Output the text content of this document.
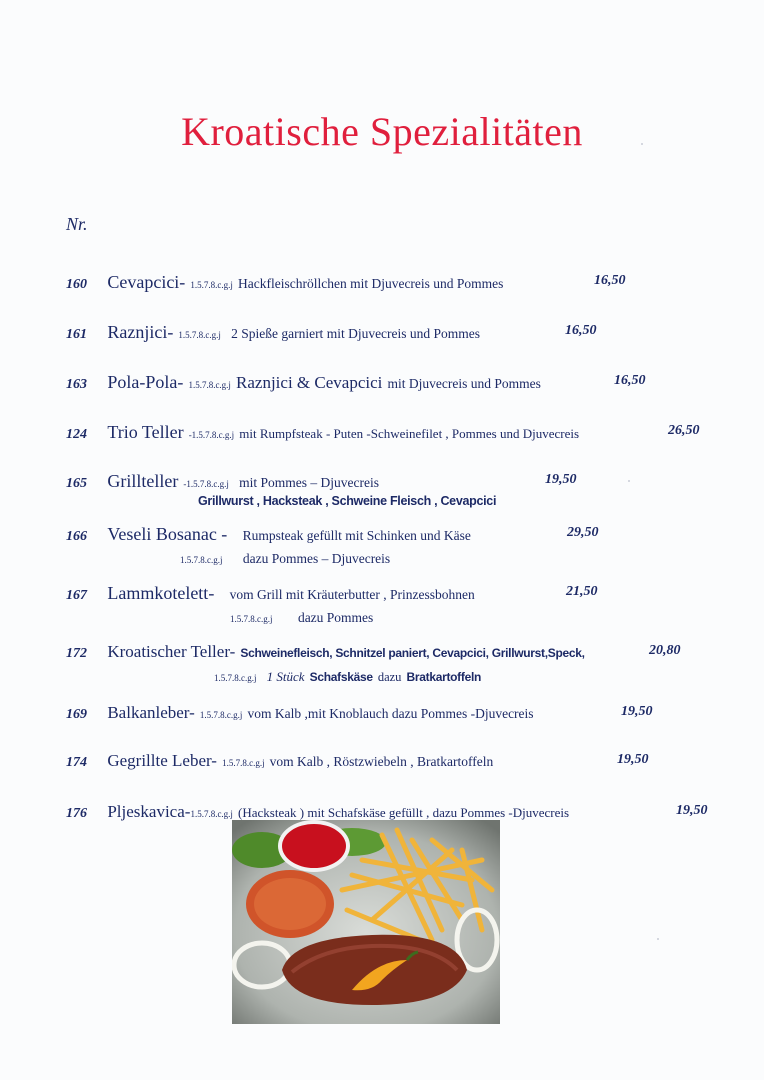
Kroatische Spezialitäten
Nr.
160 Cevapcici- 1.5.7.8.c.g.j Hackfleischröllchen mit Djuvecreis und Pommes	16,50
161 Raznjici- 1.5.7.8.c.g.j 2 Spieße garniert mit Djuvecreis und Pommes	16,50
163 Pola-Pola- 1.5.7.8.c.g.j Raznjici & Cevapcici mit Djuvecreis und Pommes	16,50
124 Trio Teller -1.5.7.8.c.g.j mit Rumpfsteak - Puten -Schweinefilet , Pommes und Djuvecreis	26,50
165 Grillteller -1.5.7.8.c.g.j mit Pommes – Djuvecreis	19,50
Grillwurst , Hacksteak , Schweine Fleisch , Cevapcici
166 Veseli Bosanac - Rumpsteak gefüllt mit Schinken und Käse	29,50
1.5.7.8.c.g.j dazu Pommes – Djuvecreis
167 Lammkotelett- vom Grill mit Kräuterbutter , Prinzessbohnen	21,50
1.5.7.8.c.g.j dazu Pommes
172 Kroatischer Teller- Schweinefleisch, Schnitzel paniert, Cevapcici, Grillwurst,Speck,	20,80
1.5.7.8.c.g.j 1 Stück Schafskäse dazu Bratkartoffeln
169 Balkanleber- 1.5.7.8.c.g.j vom Kalb ,mit Knoblauch dazu Pommes -Djuvecreis	19,50
174 Gegrillte Leber- 1.5.7.8.c.g.j vom Kalb , Röstzwiebeln , Bratkartoffeln	19,50
176 Pljeskavica-1.5.7.8.c.g.j (Hacksteak ) mit Schafskäse gefüllt , dazu Pommes -Djuvecreis	19,50
